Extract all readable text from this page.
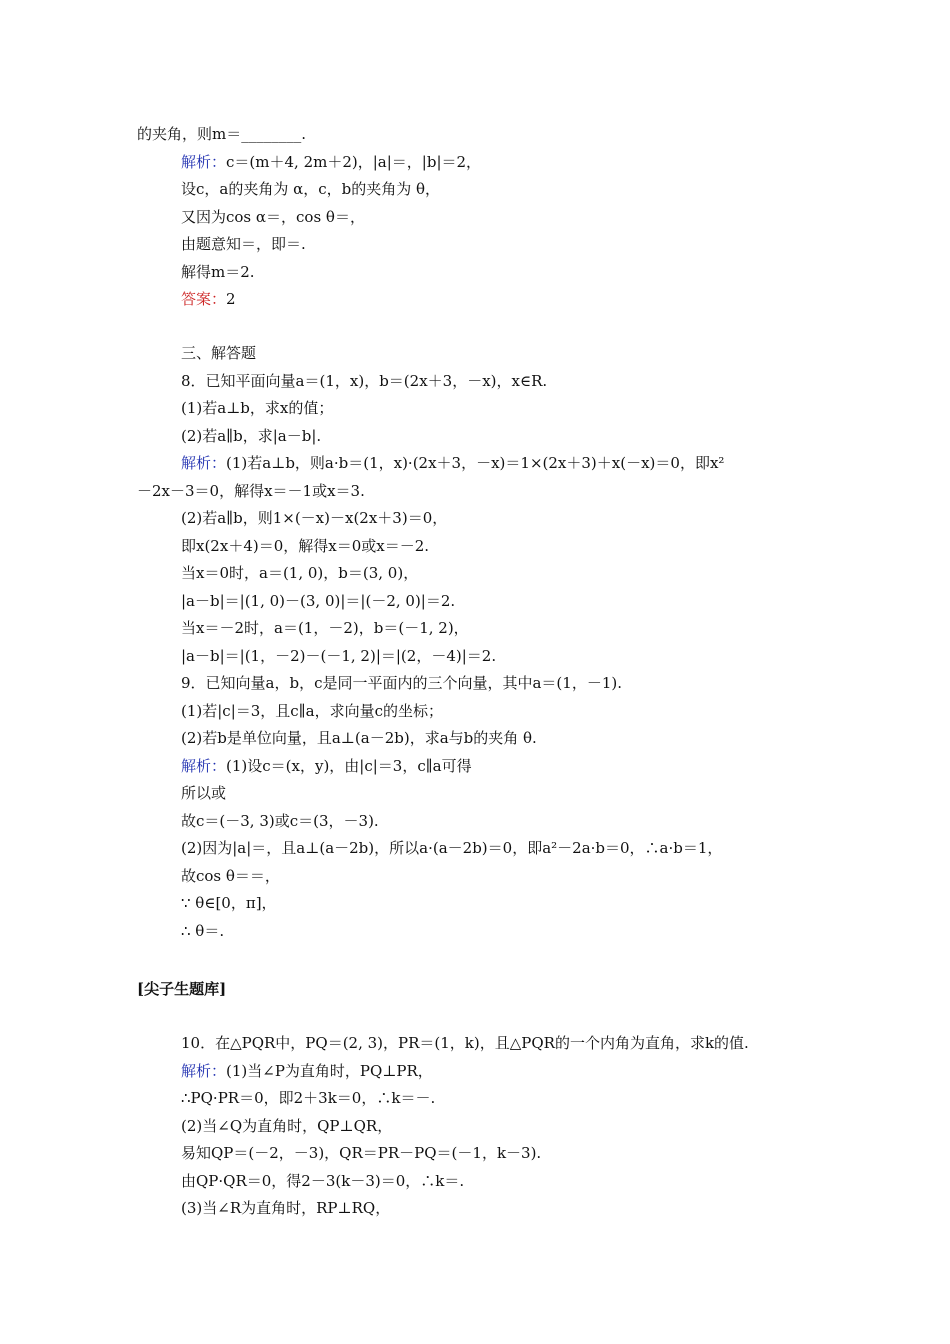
的夹角，则m＝________.
解析：c＝(m＋4, 2m＋2)，|a|＝，|b|＝2，
设c，a的夹角为 α，c，b的夹角为 θ，
又因为cos α＝，cos θ＝，
由题意知＝，即＝.
解得m＝2.
答案：2
三、解答题
8．已知平面向量a＝(1，x)，b＝(2x＋3，－x)，x∈R.
(1)若a⊥b，求x的值；
(2)若a∥b，求|a－b|.
解析：(1)若a⊥b，则a·b＝(1，x)·(2x＋3，－x)＝1×(2x＋3)＋x(－x)＝0，即x²
－2x－3＝0，解得x＝－1或x＝3.
(2)若a∥b，则1×(－x)－x(2x＋3)＝0，
即x(2x＋4)＝0，解得x＝0或x＝－2.
当x＝0时，a＝(1, 0)，b＝(3, 0)，
|a－b|＝|(1, 0)－(3, 0)|＝|(－2, 0)|＝2.
当x＝－2时，a＝(1，－2)，b＝(－1, 2)，
|a－b|＝|(1，－2)－(－1, 2)|＝|(2，－4)|＝2.
9．已知向量a，b，c是同一平面内的三个向量，其中a＝(1，－1).
(1)若|c|＝3，且c∥a，求向量c的坐标；
(2)若b是单位向量，且a⊥(a－2b)，求a与b的夹角 θ.
解析：(1)设c＝(x，y)，由|c|＝3，c∥a可得
所以或
故c＝(－3, 3)或c＝(3，－3).
(2)因为|a|＝，且a⊥(a－2b)，所以a·(a－2b)＝0，即a²－2a·b＝0，∴a·b＝1，
故cos θ＝＝，
∵ θ∈[0，π]，
∴ θ＝.
[尖子生题库]
10．在△PQR中，PQ＝(2, 3)，PR＝(1，k)，且△PQR的一个内角为直角，求k的值.
解析：(1)当∠P为直角时，PQ⊥PR，
∴PQ·PR＝0，即2＋3k＝0，∴k＝－.
(2)当∠Q为直角时，QP⊥QR，
易知QP＝(－2，－3)，QR＝PR－PQ＝(－1，k－3).
由QP·QR＝0，得2－3(k－3)＝0，∴k＝.
(3)当∠R为直角时，RP⊥RQ，
